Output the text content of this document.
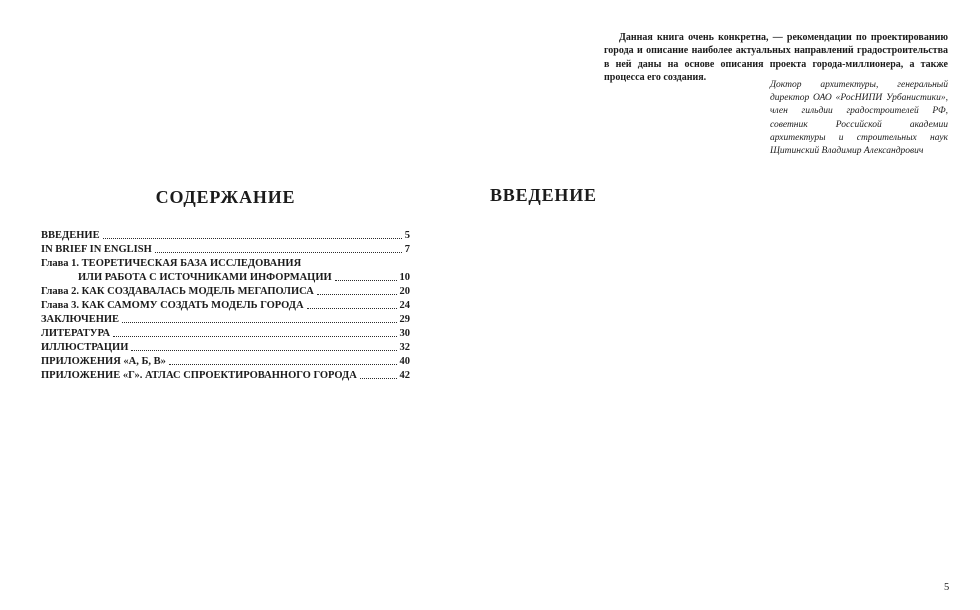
Данная книга очень конкретна, — рекомендации по проектированию города и описание наиболее актуальных направлений градостроительства в ней даны на основе описания проекта города-миллионера, а также процесса его создания.

Доктор архитектуры, генеральный директор ОАО «РосНИПИ Урбанистики», член гильдии градостроителей РФ, советник Российской академии архитектуры и строительных наук Щитинский Владимир Александрович

СОДЕРЖАНИЕ
ВВЕДЕНИЕ	5
IN BRIEF IN ENGLISH	7
Глава 1. ТЕОРЕТИЧЕСКАЯ БАЗА ИССЛЕДОВАНИЯ
ИЛИ РАБОТА С ИСТОЧНИКАМИ ИНФОРМАЦИИ	10
Глава 2. КАК СОЗДАВАЛАСЬ МОДЕЛЬ МЕГАПОЛИСА	20
Глава 3. КАК САМОМУ СОЗДАТЬ МОДЕЛЬ ГОРОДА	24
ЗАКЛЮЧЕНИЕ	29
ЛИТЕРАТУРА	30
ИЛЛЮСТРАЦИИ	32
ПРИЛОЖЕНИЯ «А, Б, В»	40
ПРИЛОЖЕНИЕ «Г». АТЛАС СПРОЕКТИРОВАННОГО ГОРОДА	42
ВВЕДЕНИЕ

5
